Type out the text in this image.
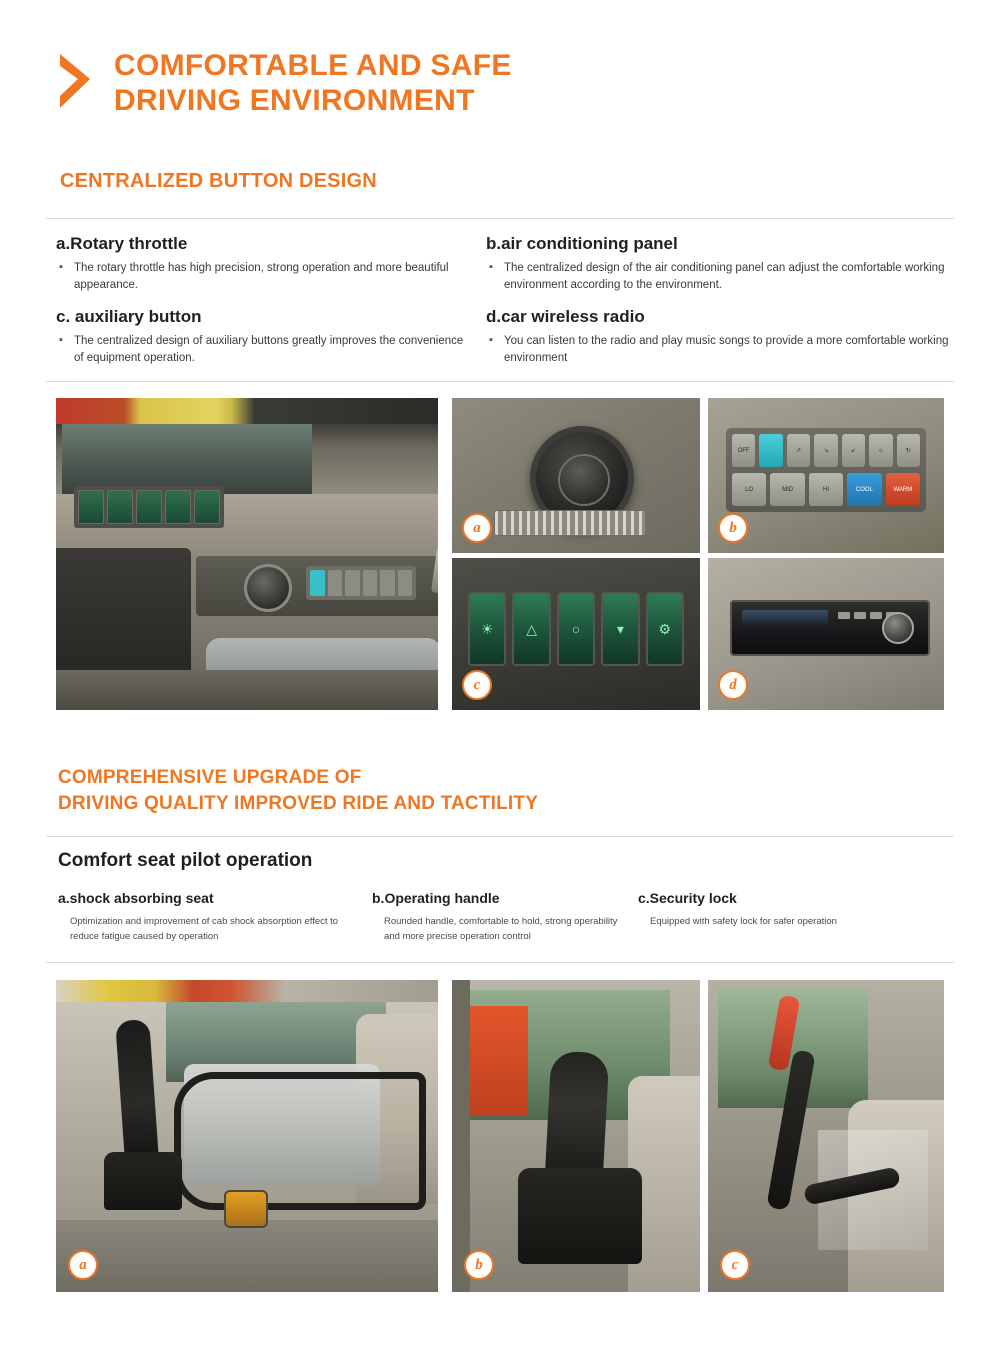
COMFORTABLE AND SAFE
DRIVING ENVIRONMENT
CENTRALIZED BUTTON DESIGN
a.Rotary throttle
▪ The rotary throttle has high precision, strong operation and more beautiful appearance.
b.air conditioning panel
▪ The centralized design of the air conditioning panel can adjust the comfortable working environment according to the environment.
c. auxiliary button
▪ The centralized design of auxiliary buttons greatly improves the convenience of equipment operation.
d.car wireless radio
▪ You can listen to the radio and play music songs to provide a more comfortable working environment
a
OFF	↗	↘	↙	☼	↻
LO	MID	HI	COOL	WARM
b
☀	△	○	▾	⚙
c	d
COMPREHENSIVE UPGRADE OF
DRIVING QUALITY IMPROVED RIDE AND TACTILITY
Comfort seat pilot operation
a.shock absorbing seat

Optimization and improvement of cab shock absorption effect to reduce fatigue caused by operation

b.Operating handle

Rounded handle, comfortable to hold, strong operability and more precise operation control

c.Security lock

Equipped with safety lock for safer operation

a	b	c
